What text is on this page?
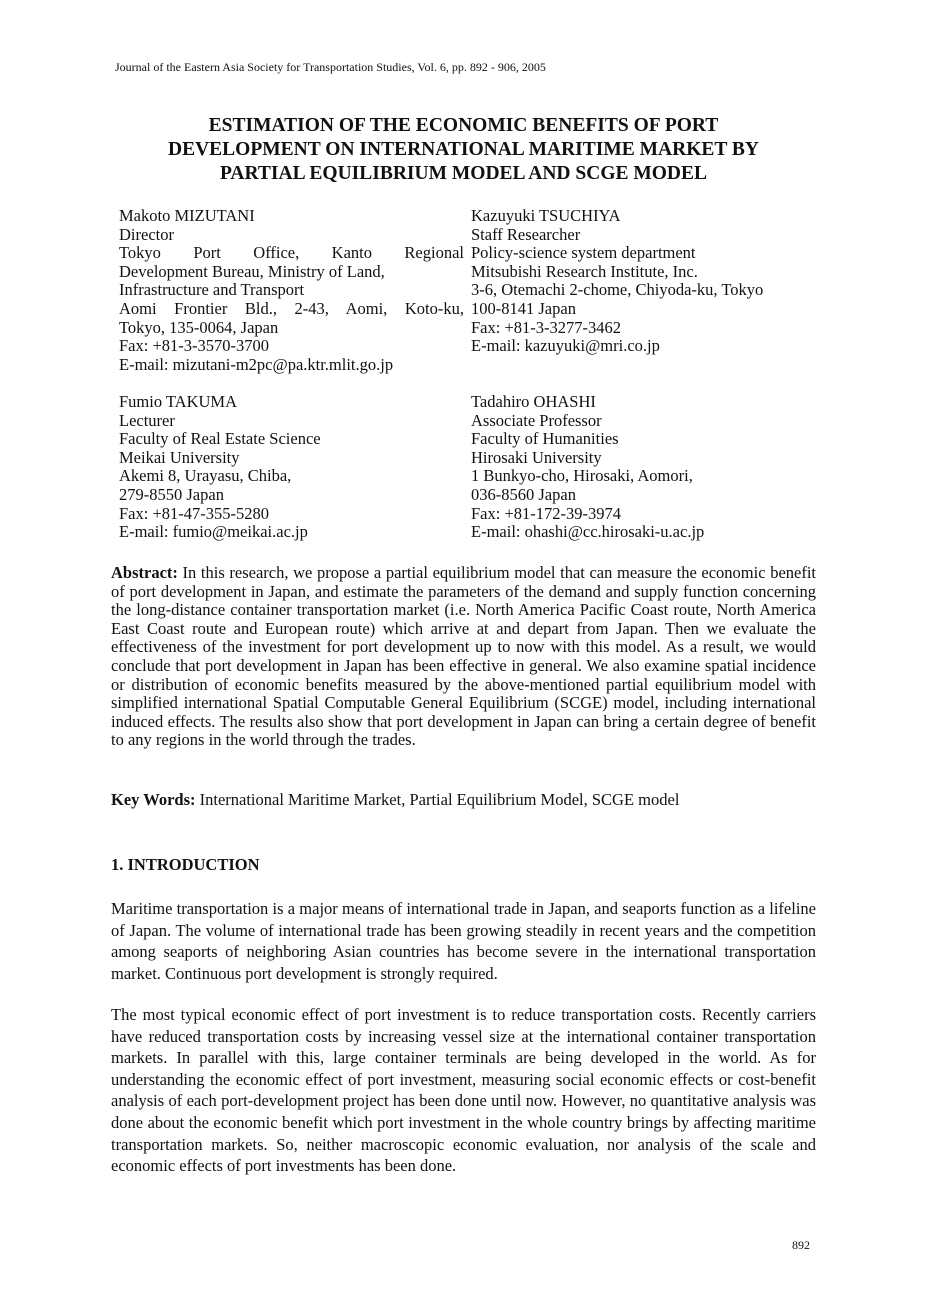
Journal of the Eastern Asia Society for Transportation Studies, Vol. 6, pp. 892 - 906, 2005
ESTIMATION OF THE ECONOMIC BENEFITS OF PORT
DEVELOPMENT ON INTERNATIONAL MARITIME MARKET BY
PARTIAL EQUILIBRIUM MODEL AND SCGE MODEL
Makoto MIZUTANI
Director
Tokyo Port Office, Kanto Regional
Development Bureau, Ministry of Land,
Infrastructure and Transport
Aomi Frontier Bld., 2-43, Aomi, Koto-ku,
Tokyo, 135-0064, Japan
Fax: +81-3-3570-3700
E-mail: mizutani-m2pc@pa.ktr.mlit.go.jp
Kazuyuki TSUCHIYA
Staff Researcher
Policy-science system department
Mitsubishi Research Institute, Inc.
3-6, Otemachi 2-chome, Chiyoda-ku, Tokyo
100-8141 Japan
Fax: +81-3-3277-3462
E-mail: kazuyuki@mri.co.jp
Fumio TAKUMA
Lecturer
Faculty of Real Estate Science
Meikai University
Akemi 8, Urayasu, Chiba,
279-8550 Japan
Fax: +81-47-355-5280
E-mail: fumio@meikai.ac.jp
Tadahiro OHASHI
Associate Professor
Faculty of Humanities
Hirosaki University
1 Bunkyo-cho, Hirosaki, Aomori,
036-8560 Japan
Fax: +81-172-39-3974
E-mail: ohashi@cc.hirosaki-u.ac.jp
Abstract: In this research, we propose a partial equilibrium model that can measure the economic benefit of port development in Japan, and estimate the parameters of the demand and supply function concerning the long-distance container transportation market (i.e. North America Pacific Coast route, North America East Coast route and European route) which arrive at and depart from Japan. Then we evaluate the effectiveness of the investment for port development up to now with this model. As a result, we would conclude that port development in Japan has been effective in general. We also examine spatial incidence or distribution of economic benefits measured by the above-mentioned partial equilibrium model with simplified international Spatial Computable General Equilibrium (SCGE) model, including international induced effects. The results also show that port development in Japan can bring a certain degree of benefit to any regions in the world through the trades.
Key Words: International Maritime Market, Partial Equilibrium Model, SCGE model
1. INTRODUCTION
Maritime transportation is a major means of international trade in Japan, and seaports function as a lifeline of Japan. The volume of international trade has been growing steadily in recent years and the competition among seaports of neighboring Asian countries has become severe in the international transportation market. Continuous port development is strongly required.
The most typical economic effect of port investment is to reduce transportation costs. Recently carriers have reduced transportation costs by increasing vessel size at the international container transportation markets. In parallel with this, large container terminals are being developed in the world. As for understanding the economic effect of port investment, measuring social economic effects or cost-benefit analysis of each port-development project has been done until now. However, no quantitative analysis was done about the economic benefit which port investment in the whole country brings by affecting maritime transportation markets. So, neither macroscopic economic evaluation, nor analysis of the scale and economic effects of port investments has been done.
892
